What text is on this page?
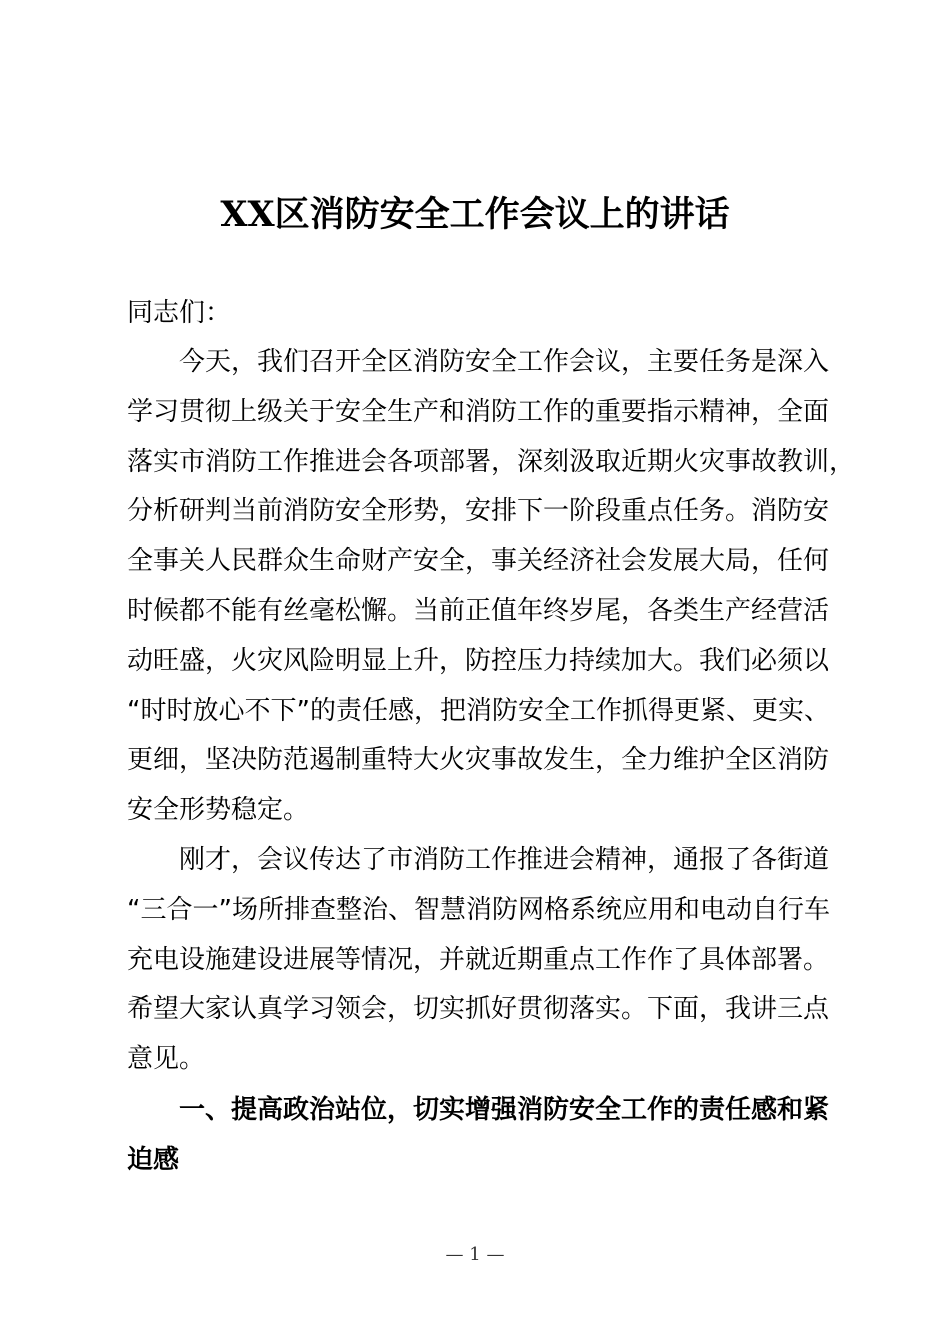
XX区消防安全工作会议上的讲话
同志们：
今天，我们召开全区消防安全工作会议，主要任务是深入
学习贯彻上级关于安全生产和消防工作的重要指示精神，全面
落实市消防工作推进会各项部署，深刻汲取近期火灾事故教训，
分析研判当前消防安全形势，安排下一阶段重点任务。消防安
全事关人民群众生命财产安全，事关经济社会发展大局，任何
时候都不能有丝毫松懈。当前正值年终岁尾，各类生产经营活
动旺盛，火灾风险明显上升，防控压力持续加大。我们必须以
“时时放心不下”的责任感，把消防安全工作抓得更紧、更实、
更细，坚决防范遏制重特大火灾事故发生，全力维护全区消防
安全形势稳定。
刚才，会议传达了市消防工作推进会精神，通报了各街道
“三合一”场所排查整治、智慧消防网格系统应用和电动自行车
充电设施建设进展等情况，并就近期重点工作作了具体部署。
希望大家认真学习领会，切实抓好贯彻落实。下面，我讲三点
意见。
一、提高政治站位，切实增强消防安全工作的责任感和紧
迫感
— 1 —
